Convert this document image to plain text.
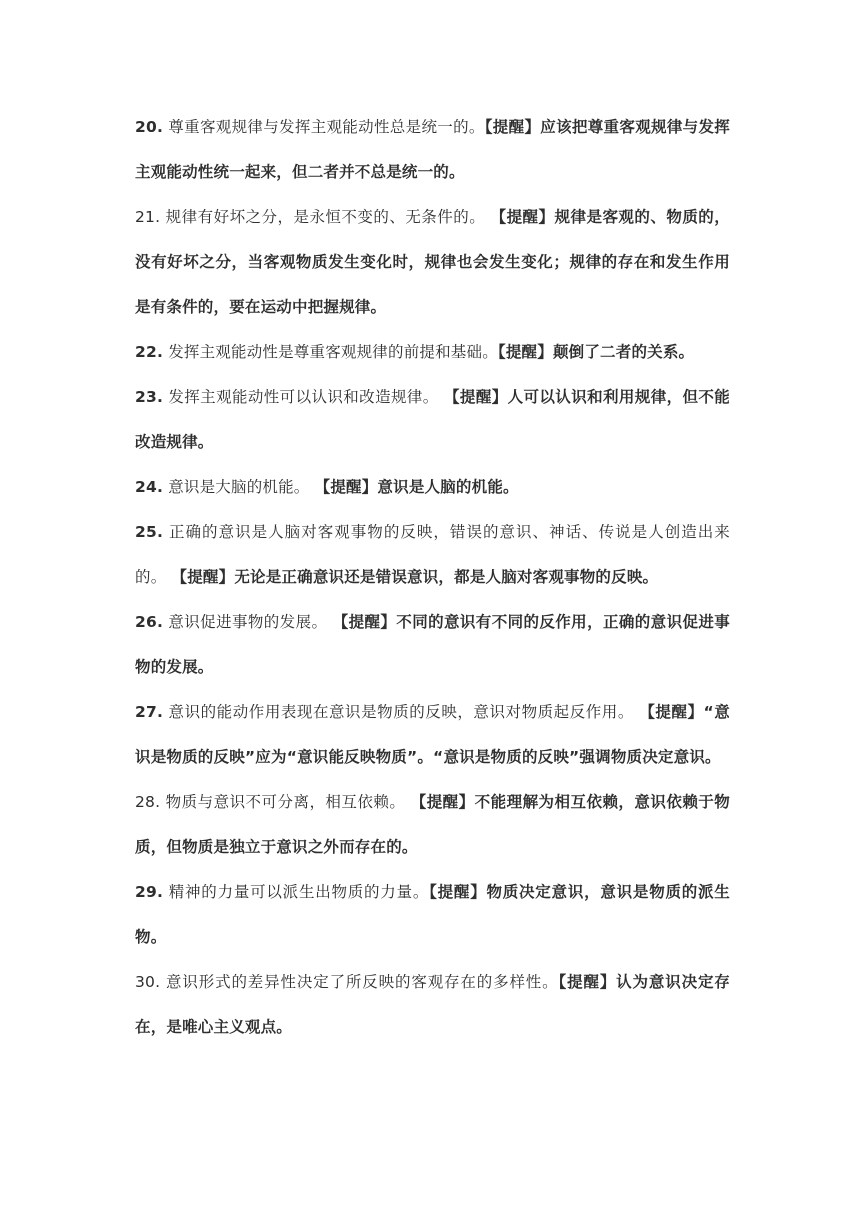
20. 尊重客观规律与发挥主观能动性总是统一的。【提醒】应该把尊重客观规律与发挥主观能动性统一起来，但二者并不总是统一的。

21. 规律有好坏之分，是永恒不变的、无条件的。 【提醒】规律是客观的、物质的，没有好坏之分，当客观物质发生变化时，规律也会发生变化；规律的存在和发生作用是有条件的，要在运动中把握规律。

22. 发挥主观能动性是尊重客观规律的前提和基础。【提醒】颠倒了二者的关系。

23. 发挥主观能动性可以认识和改造规律。 【提醒】人可以认识和利用规律，但不能改造规律。

24. 意识是大脑的机能。 【提醒】意识是人脑的机能。

25. 正确的意识是人脑对客观事物的反映，错误的意识、神话、传说是人创造出来的。 【提醒】无论是正确意识还是错误意识，都是人脑对客观事物的反映。

26. 意识促进事物的发展。 【提醒】不同的意识有不同的反作用，正确的意识促进事物的发展。

27. 意识的能动作用表现在意识是物质的反映，意识对物质起反作用。 【提醒】“意识是物质的反映”应为“意识能反映物质”。“意识是物质的反映”强调物质决定意识。

28. 物质与意识不可分离，相互依赖。 【提醒】不能理解为相互依赖，意识依赖于物质，但物质是独立于意识之外而存在的。

29. 精神的力量可以派生出物质的力量。【提醒】物质决定意识，意识是物质的派生物。

30. 意识形式的差异性决定了所反映的客观存在的多样性。【提醒】认为意识决定存在，是唯心主义观点。
